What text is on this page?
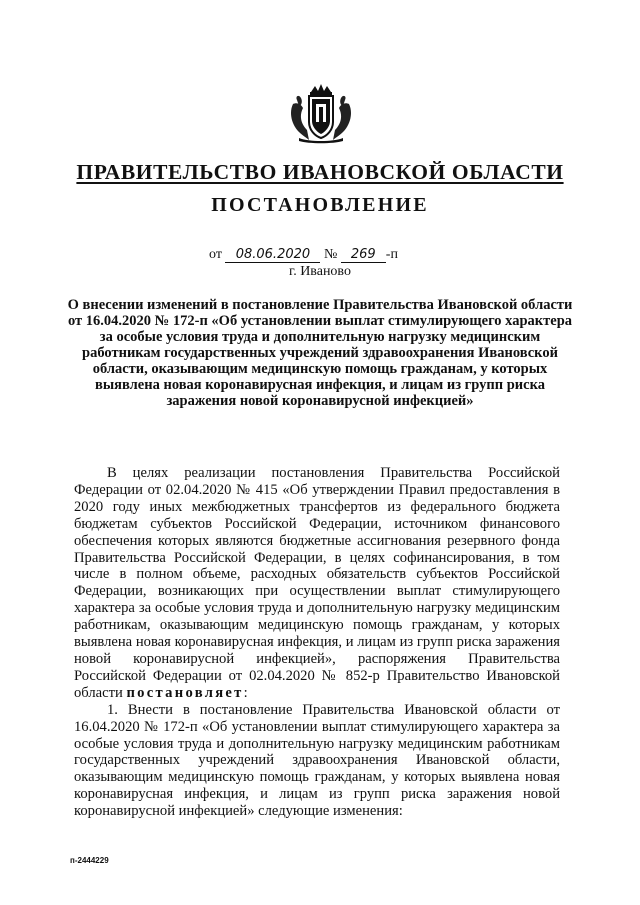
ПРАВИТЕЛЬСТВО ИВАНОВСКОЙ ОБЛАСТИ
ПОСТАНОВЛЕНИЕ
от 08.06.2020 № 269 -п
г. Иваново
О внесении изменений в постановление Правительства Ивановской области от 16.04.2020 № 172-п «Об установлении выплат стимулирующего характера за особые условия труда и дополнительную нагрузку медицинским работникам государственных учреждений здравоохранения Ивановской области, оказывающим медицинскую помощь гражданам, у которых выявлена новая коронавирусная инфекция, и лицам из групп риска заражения новой коронавирусной инфекцией»

В целях реализации постановления Правительства Российской Федерации от 02.04.2020 № 415 «Об утверждении Правил предоставления в 2020 году иных межбюджетных трансфертов из федерального бюджета бюджетам субъектов Российской Федерации, источником финансового обеспечения которых являются бюджетные ассигнования резервного фонда Правительства Российской Федерации, в целях софинансирования, в том числе в полном объеме, расходных обязательств субъектов Российской Федерации, возникающих при осуществлении выплат стимулирующего характера за особые условия труда и дополнительную нагрузку медицинским работникам, оказывающим медицинскую помощь гражданам, у которых выявлена новая коронавирусная инфекция, и лицам из групп риска заражения новой коронавирусной инфекцией», распоряжения Правительства Российской Федерации от 02.04.2020 № 852-р Правительство Ивановской области постановляет:

1. Внести в постановление Правительства Ивановской области от 16.04.2020 № 172-п «Об установлении выплат стимулирующего характера за особые условия труда и дополнительную нагрузку медицинским работникам государственных учреждений здравоохранения Ивановской области, оказывающим медицинскую помощь гражданам, у которых выявлена новая коронавирусная инфекция, и лицам из групп риска заражения новой коронавирусной инфекцией» следующие изменения:

п-2444229
